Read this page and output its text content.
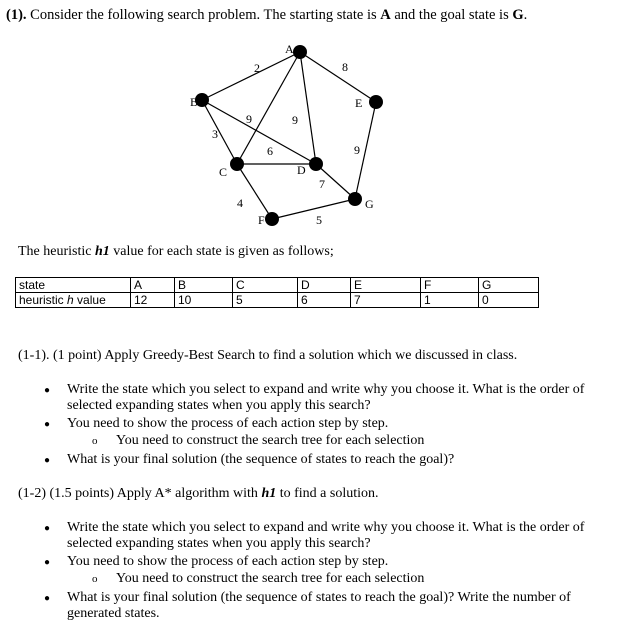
(1). Consider the following search problem. The starting state is A and the goal state is G.
A
B
C	D
E
F
G
2	8
9	9
3
6	9
7
4
5
The heuristic h1 value for each state is given as follows;
state	A	B	C	D	E	F	G
heuristic h value	12	10	5	6	7	1	0
(1-1). (1 point) Apply Greedy-Best Search to find a solution which we discussed in class.
● Write the state which you select to expand and write why you choose it. What is the order of selected expanding states when you apply this search?
● You need to show the process of each action step by step.
o You need to construct the search tree for each selection
● What is your final solution (the sequence of states to reach the goal)?
(1-2) (1.5 points) Apply A* algorithm with h1 to find a solution.
● Write the state which you select to expand and write why you choose it. What is the order of selected expanding states when you apply this search?
● You need to show the process of each action step by step.
o You need to construct the search tree for each selection
● What is your final solution (the sequence of states to reach the goal)? Write the number of generated states.
